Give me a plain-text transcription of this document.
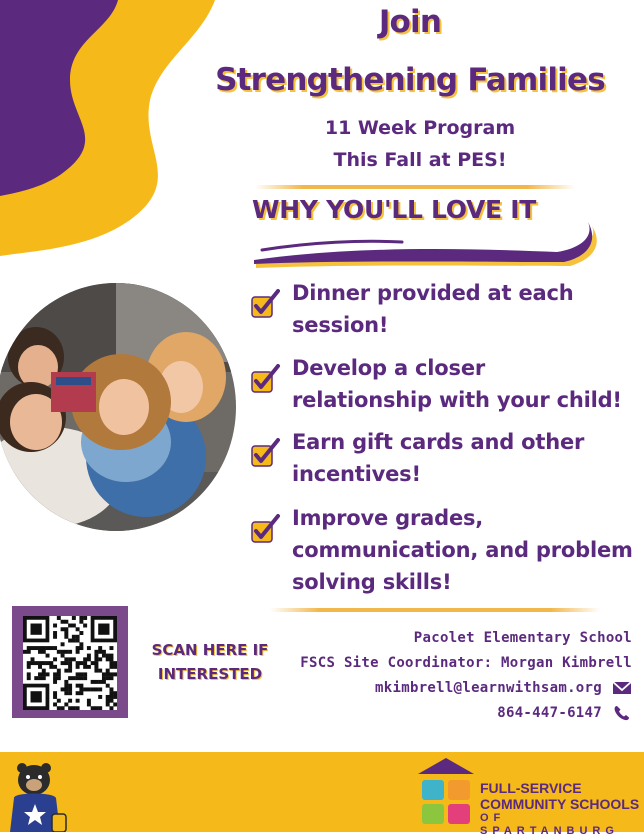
Join
Strengthening Families
11 Week Program
This Fall at PES!
WHY YOU'LL LOVE IT
Dinner provided at each
session!
Develop a closer
relationship with your child!
Earn gift cards and other
incentives!
Improve grades,
communication, and problem
solving skills!
SCAN HERE IF
INTERESTED
Pacolet Elementary School
FSCS Site Coordinator: Morgan Kimbrell
mkimbrell@learnwithsam.org
864-447-6147
FULL-SERVICE
COMMUNITY SCHOOLS
OF SPARTANBURG
